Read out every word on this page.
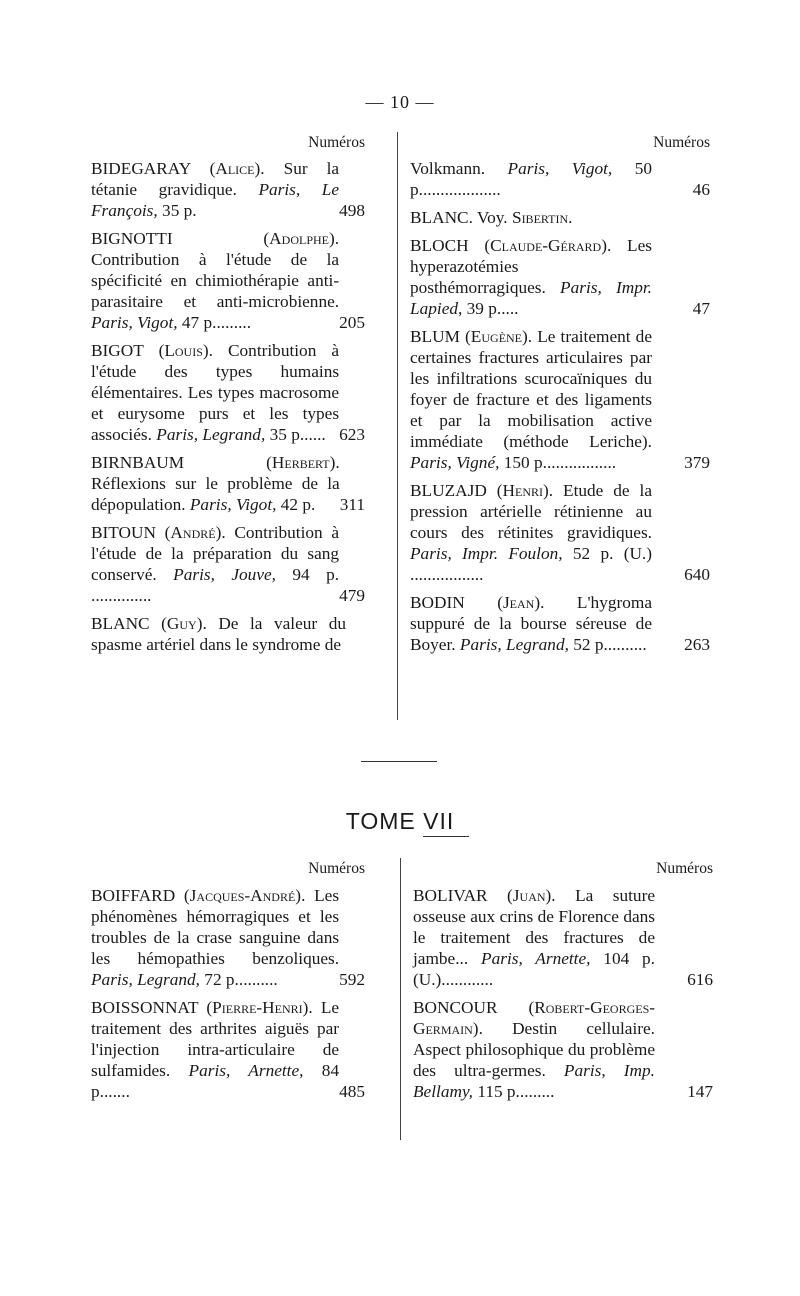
— 10 —
Numéros	Numéros
BIDEGARAY (Alice). Sur la tétanie gravidique. Paris, Le François, 35 p.	498
BIGNOTTI	(Adolphe). Contribution à l'étude de la spécificité en chimiothérapie anti-parasitaire et anti-microbienne. Paris, Vigot, 47 p.........	205
BIGOT (Louis). Contribution à l'étude des types humains élémentaires. Les types macrosome et eurysome purs et les types associés. Paris, Legrand, 35 p...... 623
BIRNBAUM	(Herbert). Réflexions sur le problème de la dépopulation. Paris, Vigot, 42 p.	311
BITOUN (André). Contribution à l'étude de la préparation du sang conservé. Paris, Jouve, 94 p. ..............	479
BLANC (Guy). De la valeur du spasme artériel dans le syndrome de
Volkmann. Paris, Vigot, 50 p...................	46
BLANC. Voy. Sibertin.
BLOCH (Claude-Gérard). Les hyperazotémies posthémorragiques. Paris, Impr. Lapied, 39 p.....	47
BLUM (Eugène). Le traitement de certaines fractures articulaires par les infiltrations scurocaïniques du foyer de fracture et des ligaments et par la mobilisation active immédiate (méthode Leriche). Paris, Vigné, 150 p.................	379
BLUZAJD (Henri). Etude de la pression artérielle rétinienne au cours des rétinites gravidiques. Paris, Impr. Foulon, 52 p. (U.) .................	640
BODIN (Jean). L'hygroma suppuré de la bourse séreuse de Boyer. Paris, Legrand, 52 p..........	263
TOME VII
Numéros	Numéros
BOIFFARD (Jacques-André). Les phénomènes hémorragiques et les troubles de la crase sanguine dans les hémopathies benzoliques. Paris, Legrand, 72 p..........	592
BOISSONNAT (Pierre-Henri). Le traitement des arthrites aiguës par l'injection intra-articulaire de sulfamides. Paris, Arnette, 84 p.......	485
BOLIVAR (Juan). La suture osseuse aux crins de Florence dans le traitement des fractures de jambe... Paris, Arnette, 104 p. (U.)............	616
BONCOUR (Robert-Georges-Germain). Destin cellulaire. Aspect philosophique du problème des ultra-germes. Paris, Imp. Bellamy, 115 p.........	147
